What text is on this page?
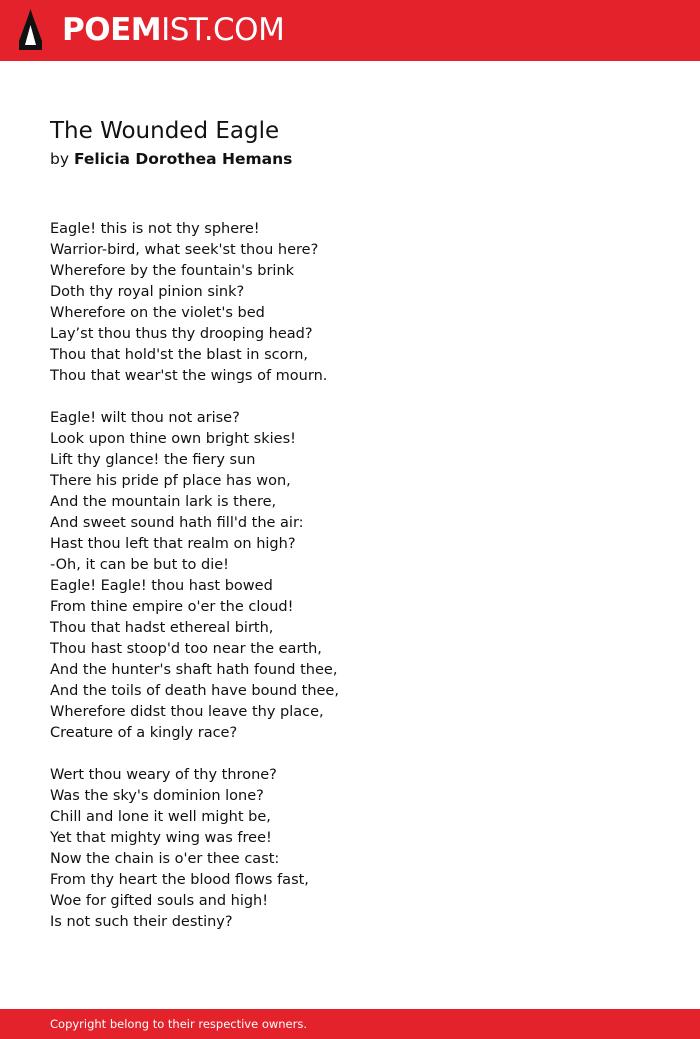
POEMIST.COM
The Wounded Eagle
by Felicia Dorothea Hemans
Eagle! this is not thy sphere!
Warrior-bird, what seek'st thou here?
Wherefore by the fountain's brink
Doth thy royal pinion sink?
Wherefore on the violet's bed
Lay’st thou thus thy drooping head?
Thou that hold'st the blast in scorn,
Thou that wear'st the wings of mourn.
Eagle! wilt thou not arise?
Look upon thine own bright skies!
Lift thy glance! the fiery sun
There his pride pf place has won,
And the mountain lark is there,
And sweet sound hath fill'd the air:
Hast thou left that realm on high?
-Oh, it can be but to die!
Eagle! Eagle! thou hast bowed
From thine empire o'er the cloud!
Thou that hadst ethereal birth,
Thou hast stoop'd too near the earth,
And the hunter's shaft hath found thee,
And the toils of death have bound thee,
Wherefore didst thou leave thy place,
Creature of a kingly race?
Wert thou weary of thy throne?
Was the sky's dominion lone?
Chill and lone it well might be,
Yet that mighty wing was free!
Now the chain is o'er thee cast:
From thy heart the blood flows fast,
Woe for gifted souls and high!
Is not such their destiny?
Copyright belong to their respective owners.
